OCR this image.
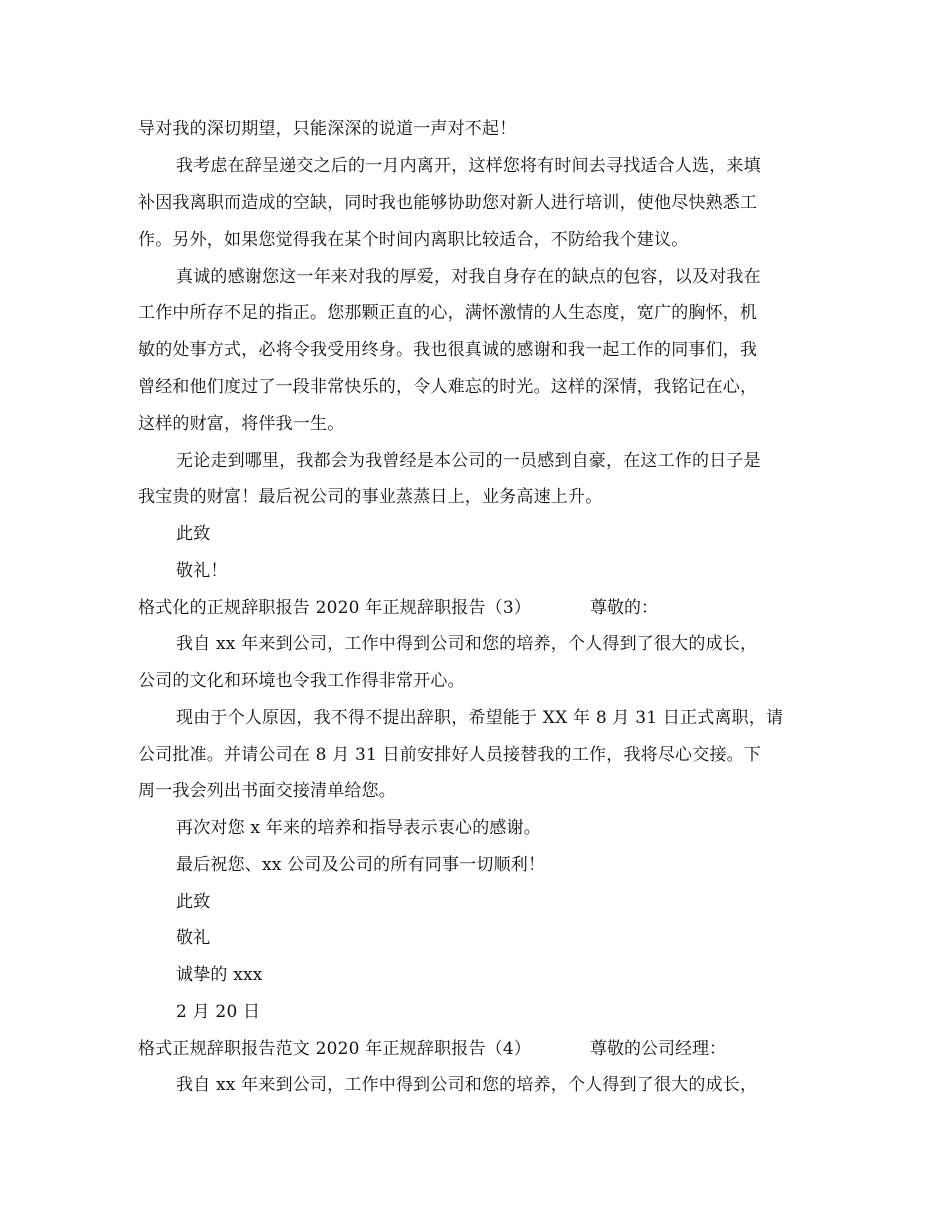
导对我的深切期望，只能深深的说道一声对不起！
我考虑在辞呈递交之后的一月内离开，这样您将有时间去寻找适合人选，来填
补因我离职而造成的空缺，同时我也能够协助您对新人进行培训，使他尽快熟悉工
作。另外，如果您觉得我在某个时间内离职比较适合，不防给我个建议。
真诚的感谢您这一年来对我的厚爱，对我自身存在的缺点的包容，以及对我在
工作中所存不足的指正。您那颗正直的心，满怀激情的人生态度，宽广的胸怀，机
敏的处事方式，必将令我受用终身。我也很真诚的感谢和我一起工作的同事们，我
曾经和他们度过了一段非常快乐的，令人难忘的时光。这样的深情，我铭记在心，
这样的财富，将伴我一生。
无论走到哪里，我都会为我曾经是本公司的一员感到自豪，在这工作的日子是
我宝贵的财富！最后祝公司的事业蒸蒸日上，业务高速上升。
此致
敬礼！
格式化的正规辞职报告 2020 年正规辞职报告（3）	尊敬的：
我自 xx 年来到公司，工作中得到公司和您的培养，个人得到了很大的成长，
公司的文化和环境也令我工作得非常开心。
现由于个人原因，我不得不提出辞职，希望能于 XX 年 8 月 31 日正式离职，请
公司批准。并请公司在 8 月 31 日前安排好人员接替我的工作，我将尽心交接。下
周一我会列出书面交接清单给您。
再次对您 x 年来的培养和指导表示衷心的感谢。
最后祝您、xx 公司及公司的所有同事一切顺利！
此致
敬礼
诚挚的 xxx
2 月 20 日
格式正规辞职报告范文 2020 年正规辞职报告（4）	尊敬的公司经理：
我自 xx 年来到公司，工作中得到公司和您的培养，个人得到了很大的成长，
